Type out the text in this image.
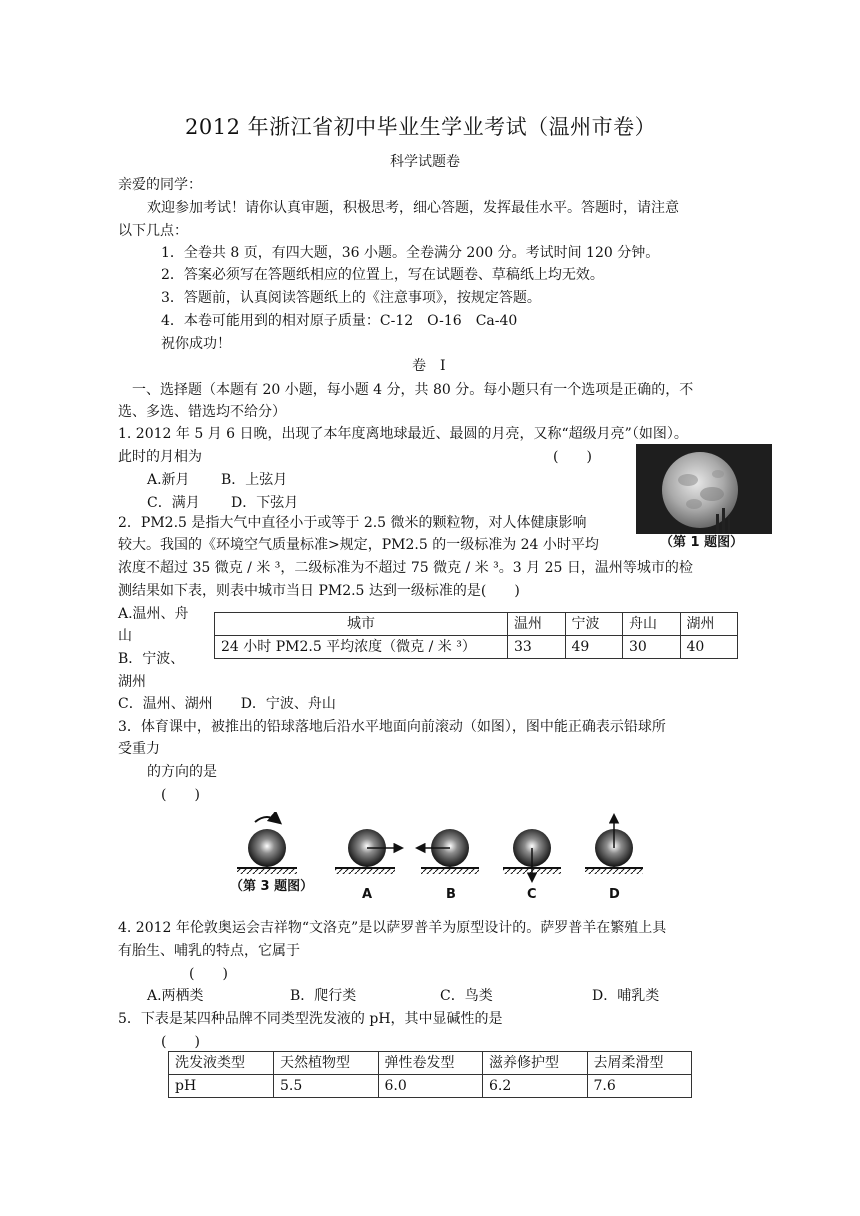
2012 年浙江省初中毕业生学业考试（温州市卷）
科学试题卷
亲爱的同学：
欢迎参加考试！请你认真审题，积极思考，细心答题，发挥最佳水平。答题时，请注意
以下几点：
1．全卷共 8 页，有四大题，36 小题。全卷满分 200 分。考试时间 120 分钟。
2．答案必须写在答题纸相应的位置上，写在试题卷、草稿纸上均无效。
3．答题前，认真阅读答题纸上的《注意事项》，按规定答题。
4．本卷可能用到的相对原子质量：C-12　O-16　Ca-40
祝你成功！
卷　I
一、选择题（本题有 20 小题，每小题 4 分，共 80 分。每小题只有一个选项是正确的，不
选、多选、错选均不给分）
1. 2012 年 5 月 6 日晚，出现了本年度离地球最近、最圆的月亮，又称“超级月亮”（如图）。
此时的月相为	(　　)
A.新月 B．上弦月
C．满月 D．下弦月
（第 1 题图）
2．PM2.5 是指大气中直径小于或等于 2.5 微米的颗粒物，对人体健康影响
较大。我国的《环境空气质量标准>规定，PM2.5 的一级标准为 24 小时平均
浓度不超过 35 微克 / 米 ³，二级标准为不超过 75 微克 / 米 ³。3 月 25 日，温州等城市的检
测结果如下表，则表中城市当日 PM2.5 达到一级标准的是(　　)
A.温州、舟
山
B．宁波、
湖州
C．温州、湖州　　D．宁波、舟山
城市	温州	宁波	舟山	湖州
24 小时 PM2.5 平均浓度（微克 / 米 ³）	33	49	30	40
3．体育课中，被推出的铅球落地后沿水平地面向前滚动（如图），图中能正确表示铅球所
受重力
的方向的是
(　　)
（第 3 题图）
A	B	C	D
4. 2012 年伦敦奥运会吉祥物“文洛克”是以萨罗普羊为原型设计的。萨罗普羊在繁殖上具
有胎生、哺乳的特点，它属于
(　　)
A.两栖类	B．爬行类	C．鸟类	D．哺乳类
5．下表是某四种品牌不同类型洗发液的 pH，其中显碱性的是
(　　)
洗发液类型	天然植物型	弹性卷发型	滋养修护型	去屑柔滑型
pH	5.5	6.0	6.2	7.6
